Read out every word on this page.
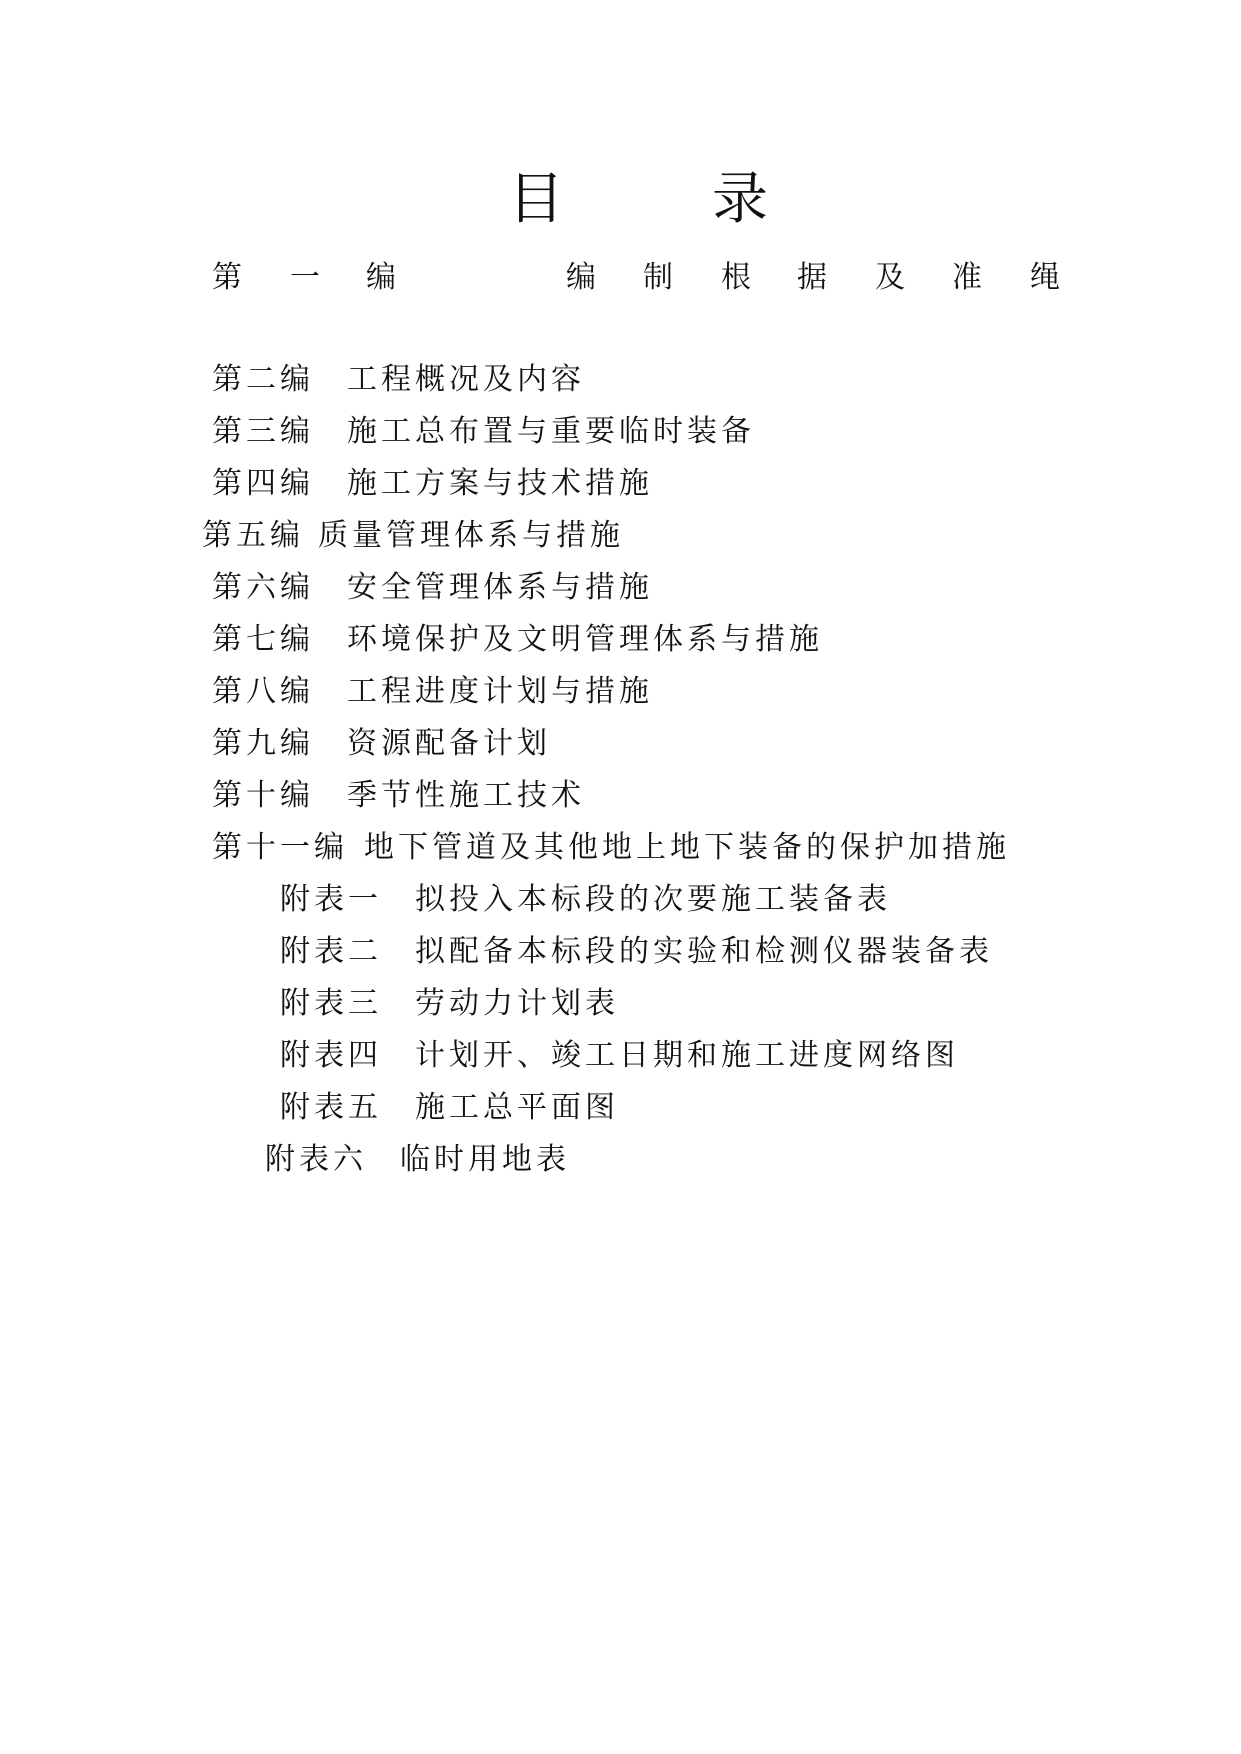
目	录
第 一 编	编 制 根 据 及 准 绳
第二编 工程概况及内容
第三编 施工总布置与重要临时装备
第四编 施工方案与技术措施
第五编 质量管理体系与措施
第六编 安全管理体系与措施
第七编 环境保护及文明管理体系与措施
第八编 工程进度计划与措施
第九编 资源配备计划
第十编 季节性施工技术
第十一编 地下管道及其他地上地下装备的保护加措施
附表一 拟投入本标段的次要施工装备表
附表二 拟配备本标段的实验和检测仪器装备表
附表三 劳动力计划表
附表四 计划开、竣工日期和施工进度网络图
附表五 施工总平面图
附表六 临时用地表
